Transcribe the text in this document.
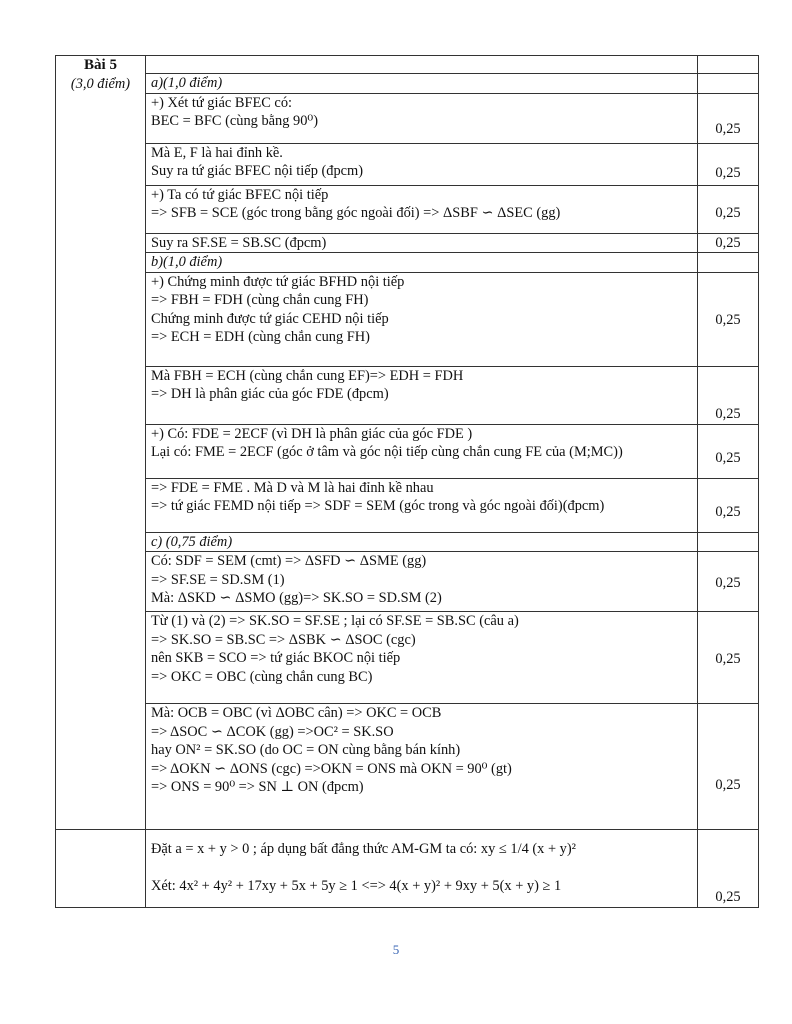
Bài 5
(3,0 điểm)		

	a)(1,0 điểm)	

	+) Xét tứ giác BFEC có:
BEC = BFC (cùng bằng 90⁰)	0,25

	Mà E, F là hai đỉnh kề.
Suy ra tứ giác BFEC nội tiếp (đpcm)	0,25

	+) Ta có tứ giác BFEC nội tiếp
=> SFB = SCE (góc trong bằng góc ngoài đối) => ΔSBF ∽ ΔSEC (gg)	0,25

	Suy ra SF.SE = SB.SC (đpcm)	0,25

	b)(1,0 điểm)	

	+) Chứng minh được tứ giác BFHD nội tiếp
=> FBH = FDH (cùng chắn cung FH)
Chứng minh được tứ giác CEHD nội tiếp
=> ECH = EDH (cùng chắn cung FH)	0,25

	Mà FBH = ECH (cùng chắn cung EF)=> EDH = FDH
=> DH là phân giác của góc FDE (đpcm)	0,25

	+) Có: FDE = 2ECF (vì DH là phân giác của góc FDE )
Lại có: FME = 2ECF (góc ở tâm và góc nội tiếp cùng chắn cung FE của (M;MC))	0,25

	=> FDE = FME . Mà D và M là hai đỉnh kề nhau
=> tứ giác FEMD nội tiếp => SDF = SEM (góc trong và góc ngoài đối)(đpcm)	0,25

	c) (0,75 điểm)	

	Có: SDF = SEM (cmt) => ΔSFD ∽ ΔSME (gg)
=> SF.SE = SD.SM (1)
Mà: ΔSKD ∽ ΔSMO (gg)=> SK.SO = SD.SM (2)	0,25

	Từ (1) và (2) => SK.SO = SF.SE ; lại có SF.SE = SB.SC (câu a)
=> SK.SO = SB.SC => ΔSBK ∽ ΔSOC (cgc)
nên SKB = SCO => tứ giác BKOC nội tiếp
=> OKC = OBC (cùng chắn cung BC)	0,25

	Mà: OCB = OBC (vì ΔOBC cân) => OKC = OCB
=> ΔSOC ∽ ΔCOK (gg) =>OC² = SK.SO
hay ON² = SK.SO (do OC = ON cùng bằng bán kính)
=> ΔOKN ∽ ΔONS (cgc) =>OKN = ONS mà OKN = 90⁰ (gt)
=> ONS = 90⁰ => SN ⊥ ON (đpcm)	0,25

	Đặt a = x + y > 0 ; áp dụng bất đẳng thức AM-GM ta có: xy ≤ 1/4 (x + y)²
Xét: 4x² + 4y² + 17xy + 5x + 5y ≥ 1 <=> 4(x + y)² + 9xy + 5(x + y) ≥ 1	0,25
5
